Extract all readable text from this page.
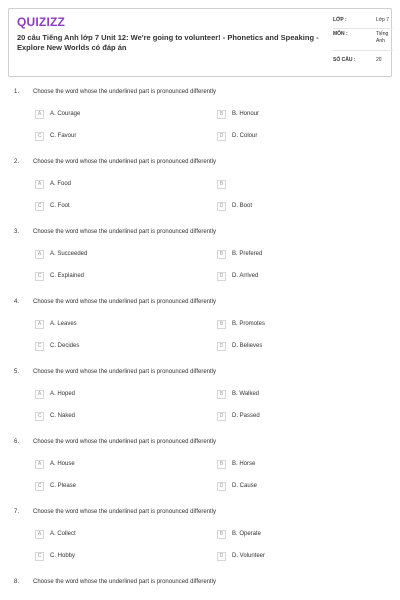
QUIZIZZ
20 câu Tiếng Anh lớp 7 Unit 12: We're going to volunteer! - Phonetics and Speaking - Explore New Worlds có đáp án
LỚP :	Lớp 7
MÔN :	Tiếng Anh
SỐ CÂU :	20
1. Choose the word whose the underlined part is pronounced differently
A	A. Courage	B	B. Honour
C	C. Favour	D	D. Colour
2. Choose the word whose the underlined part is pronounced differently
A	A. Food	B
C	C. Foot	D	D. Boot
3. Choose the word whose the underlined part is pronounced differently
A	A. Succeeded	B	B. Prefered
C	C. Explained	D	D. Arrived
4. Choose the word whose the underlined part is pronounced differently
A	A. Leaves	B	B. Promotes
C	C. Decides	D	D. Believes
5. Choose the word whose the underlined part is pronounced differently
A	A. Hoped	B	B. Walked
C	C. Naked	D	D. Passed
6. Choose the word whose the underlined part is pronounced differently
A	A. House	B	B. Horse
C	C. Please	D	D. Cause
7. Choose the word whose the underlined part is pronounced differently
A	A. Collect	B	B. Operate
C	C. Hobby	D	D. Volunteer
8. Choose the word whose the underlined part is pronounced differently
